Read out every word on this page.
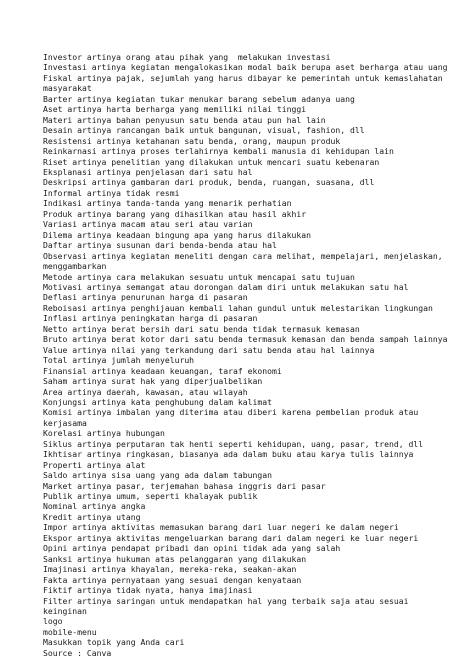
Investor artinya orang atau pihak yang  melakukan investasi
Investasi artinya kegiatan mengalokasikan modal baik berupa aset berharga atau uang
Fiskal artinya pajak, sejumlah yang harus dibayar ke pemerintah untuk kemaslahatan
masyarakat
Barter artinya kegiatan tukar menukar barang sebelum adanya uang
Aset artinya harta berharga yang memiliki nilai tinggi
Materi artinya bahan penyusun satu benda atau pun hal lain
Desain artinya rancangan baik untuk bangunan, visual, fashion, dll
Resistensi artinya ketahanan satu benda, orang, maupun produk
Reinkarnasi artinya proses terlahirnya kembali manusia di kehidupan lain
Riset artinya penelitian yang dilakukan untuk mencari suatu kebenaran
Eksplanasi artinya penjelasan dari satu hal
Deskripsi artinya gambaran dari produk, benda, ruangan, suasana, dll
Informal artinya tidak resmi
Indikasi artinya tanda-tanda yang menarik perhatian
Produk artinya barang yang dihasilkan atau hasil akhir
Variasi artinya macam atau seri atau varian
Dilema artinya keadaan bingung apa yang harus dilakukan
Daftar artinya susunan dari benda-benda atau hal
Observasi artinya kegiatan meneliti dengan cara melihat, mempelajari, menjelaskan,
menggambarkan
Metode artinya cara melakukan sesuatu untuk mencapai satu tujuan
Motivasi artinya semangat atau dorongan dalam diri untuk melakukan satu hal
Deflasi artinya penurunan harga di pasaran
Reboisasi artinya penghijauan kembali lahan gundul untuk melestarikan lingkungan
Inflasi artinya peningkatan harga di pasaran
Netto artinya berat bersih dari satu benda tidak termasuk kemasan
Bruto artinya berat kotor dari satu benda termasuk kemasan dan benda sampah lainnya
Value artinya nilai yang terkandung dari satu benda atau hal lainnya
Total artinya jumlah menyeluruh
Finansial artinya keadaan keuangan, taraf ekonomi
Saham artinya surat hak yang diperjualbelikan
Area artinya daerah, kawasan, atau wilayah
Konjungsi artinya kata penghubung dalam kalimat
Komisi artinya imbalan yang diterima atau diberi karena pembelian produk atau
kerjasama
Korelasi artinya hubungan
Siklus artinya perputaran tak henti seperti kehidupan, uang, pasar, trend, dll
Ikhtisar artinya ringkasan, biasanya ada dalam buku atau karya tulis lainnya
Properti artinya alat
Saldo artinya sisa uang yang ada dalam tabungan
Market artinya pasar, terjemahan bahasa inggris dari pasar
Publik artinya umum, seperti khalayak publik
Nominal artinya angka
Kredit artinya utang
Impor artinya aktivitas memasukan barang dari luar negeri ke dalam negeri
Ekspor artinya aktivitas mengeluarkan barang dari dalam negeri ke luar negeri
Opini artinya pendapat pribadi dan opini tidak ada yang salah
Sanksi artinya hukuman atas pelanggaran yang dilakukan
Imajinasi artinya khayalan, mereka-reka, seakan-akan
Fakta artinya pernyataan yang sesuai dengan kenyataan
Fiktif artinya tidak nyata, hanya imajinasi
Filter artinya saringan untuk mendapatkan hal yang terbaik saja atau sesuai
keinginan
logo
mobile-menu
Masukkan topik yang Anda cari
Source : Canva
